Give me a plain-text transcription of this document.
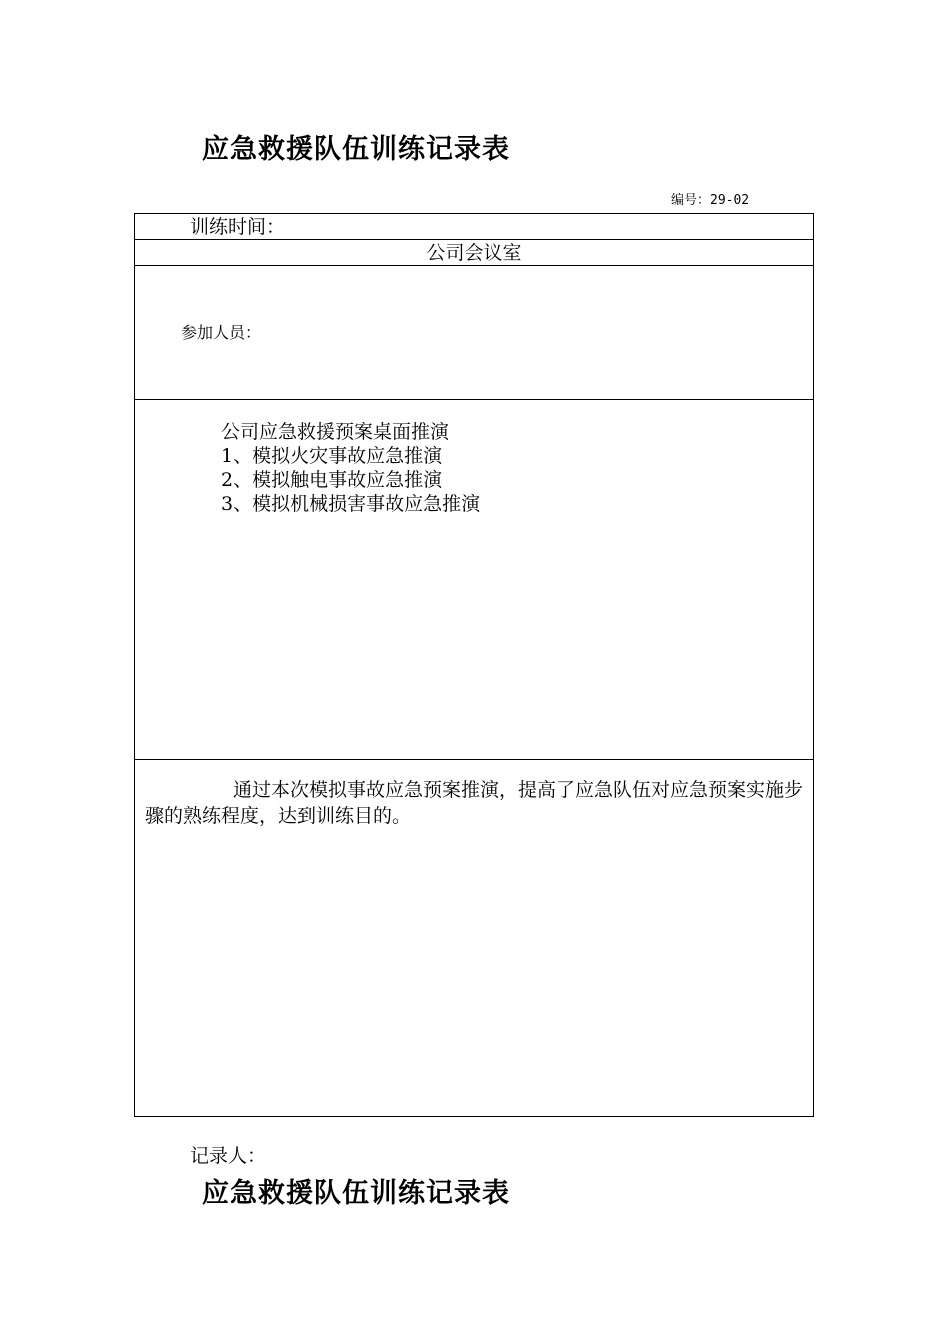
应急救援队伍训练记录表
编号：29-02
训练时间：
公司会议室
参加人员：
公司应急救援预案桌面推演
1、模拟火灾事故应急推演
2、模拟触电事故应急推演
3、模拟机械损害事故应急推演
通过本次模拟事故应急预案推演，提高了应急队伍对应急预案实施步骤的熟练程度，达到训练目的。
记录人：
应急救援队伍训练记录表
